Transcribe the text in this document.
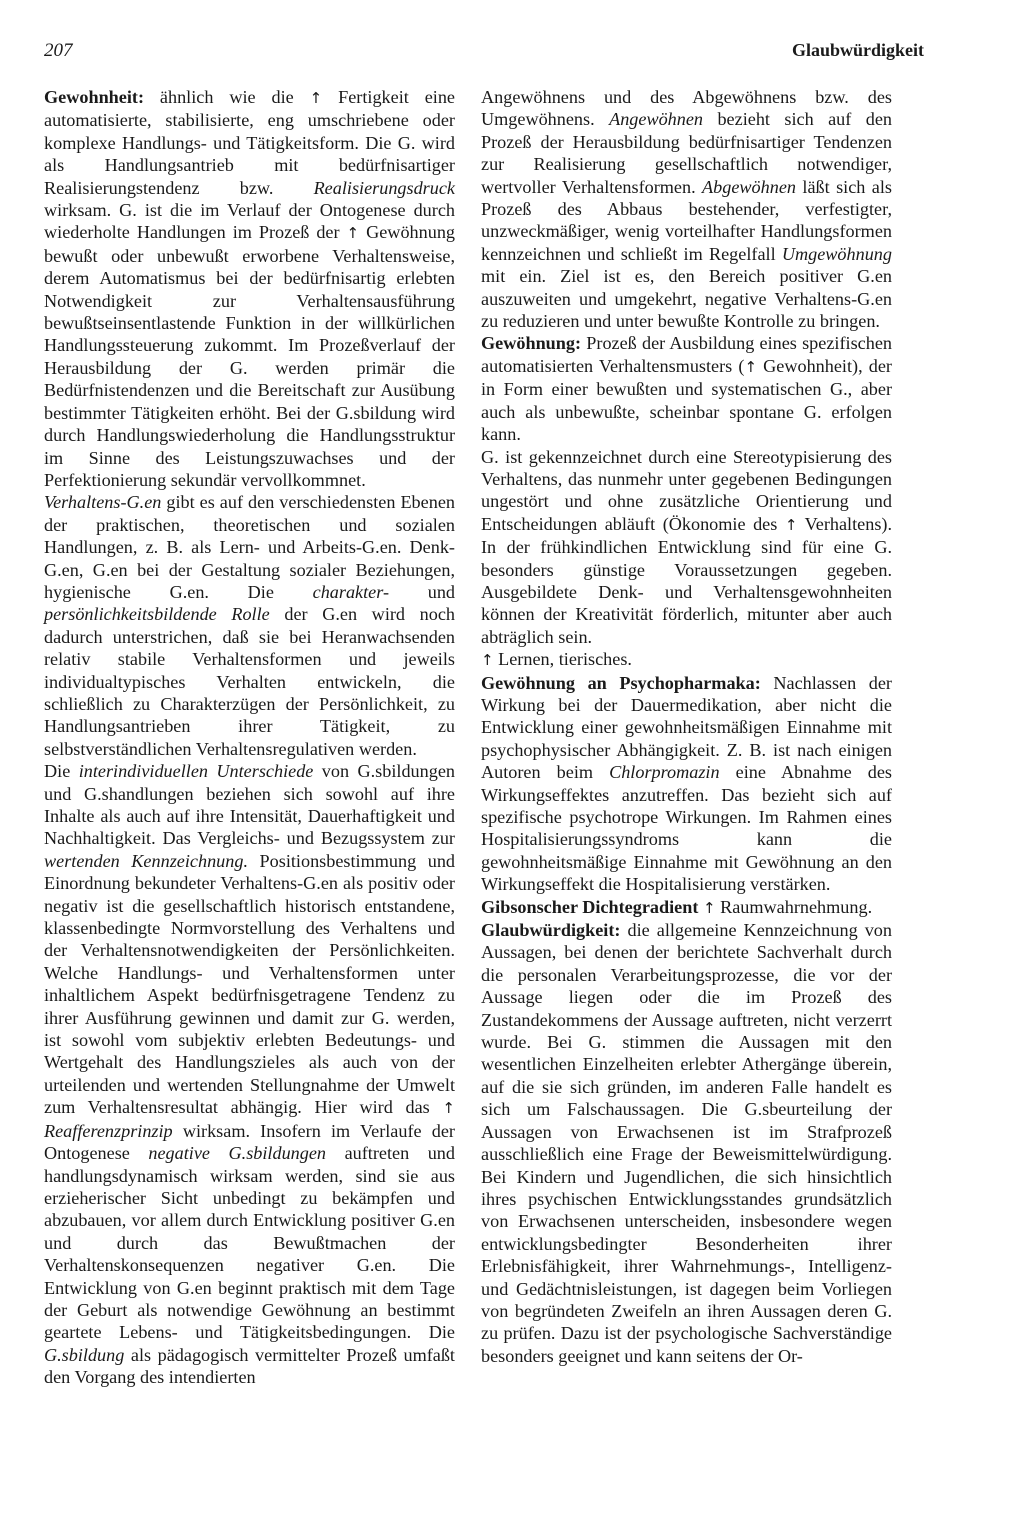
207	Glaubwürdigkeit

Gewohnheit: ähnlich wie die ↑ Fertigkeit eine automatisierte, stabilisierte, eng umschriebene oder komplexe Handlungs- und Tätigkeitsform. Die G. wird als Handlungsantrieb mit bedürfnisartiger Realisierungstendenz bzw. Realisierungsdruck wirksam. G. ist die im Verlauf der Ontogenese durch wiederholte Handlungen im Prozeß der ↑ Gewöhnung bewußt oder unbewußt erworbene Verhaltensweise, derem Automatismus bei der bedürfnisartig erlebten Notwendigkeit zur Verhaltensausführung bewußtseinsentlastende Funktion in der willkürlichen Handlungssteuerung zukommt. Im Prozeßverlauf der Herausbildung der G. werden primär die Bedürfnistendenzen und die Bereitschaft zur Ausübung bestimmter Tätigkeiten erhöht. Bei der G.sbildung wird durch Handlungswiederholung die Handlungsstruktur im Sinne des Leistungszuwachses und der Perfektionierung sekundär vervollkommnet.

Verhaltens-G.en gibt es auf den verschiedensten Ebenen der praktischen, theoretischen und sozialen Handlungen, z. B. als Lern- und Arbeits-G.en. Denk-G.en, G.en bei der Gestaltung sozialer Beziehungen, hygienische G.en. Die charakter- und persönlichkeitsbildende Rolle der G.en wird noch dadurch unterstrichen, daß sie bei Heranwachsenden relativ stabile Verhaltensformen und jeweils individualtypisches Verhalten entwickeln, die schließlich zu Charakterzügen der Persönlichkeit, zu Handlungsantrieben ihrer Tätigkeit, zu selbstverständlichen Verhaltensregulativen werden.

Die interindividuellen Unterschiede von G.sbildungen und G.shandlungen beziehen sich sowohl auf ihre Inhalte als auch auf ihre Intensität, Dauerhaftigkeit und Nachhaltigkeit. Das Vergleichs- und Bezugssystem zur wertenden Kennzeichnung. Positionsbestimmung und Einordnung bekundeter Verhaltens-G.en als positiv oder negativ ist die gesellschaftlich historisch entstandene, klassenbedingte Normvorstellung des Verhaltens und der Verhaltensnotwendigkeiten der Persönlichkeiten. Welche Handlungs- und Verhaltensformen unter inhaltlichem Aspekt bedürfnisgetragene Tendenz zu ihrer Ausführung gewinnen und damit zur G. werden, ist sowohl vom subjektiv erlebten Bedeutungs- und Wertgehalt des Handlungszieles als auch von der urteilenden und wertenden Stellungnahme der Umwelt zum Verhaltensresultat abhängig. Hier wird das ↑ Reafferenzprinzip wirksam. Insofern im Verlaufe der Ontogenese negative G.sbildungen auftreten und handlungsdynamisch wirksam werden, sind sie aus erzieherischer Sicht unbedingt zu bekämpfen und abzubauen, vor allem durch Entwicklung positiver G.en und durch das Bewußtmachen der Verhaltenskonsequenzen negativer G.en. Die Entwicklung von G.en beginnt praktisch mit dem Tage der Geburt als notwendige Gewöhnung an bestimmt geartete Lebens- und Tätigkeitsbedingungen. Die G.sbildung als pädagogisch vermittelter Prozeß umfaßt den Vorgang des intendierten

Angewöhnens und des Abgewöhnens bzw. des Umgewöhnens. Angewöhnen bezieht sich auf den Prozeß der Herausbildung bedürfnisartiger Tendenzen zur Realisierung gesellschaftlich notwendiger, wertvoller Verhaltensformen. Abgewöhnen läßt sich als Prozeß des Abbaus bestehender, verfestigter, unzweckmäßiger, wenig vorteilhafter Handlungsformen kennzeichnen und schließt im Regelfall Umgewöhnung mit ein. Ziel ist es, den Bereich positiver G.en auszuweiten und umgekehrt, negative Verhaltens-G.en zu reduzieren und unter bewußte Kontrolle zu bringen.

Gewöhnung: Prozeß der Ausbildung eines spezifischen automatisierten Verhaltensmusters (↑ Gewohnheit), der in Form einer bewußten und systematischen G., aber auch als unbewußte, scheinbar spontane G. erfolgen kann.

G. ist gekennzeichnet durch eine Stereotypisierung des Verhaltens, das nunmehr unter gegebenen Bedingungen ungestört und ohne zusätzliche Orientierung und Entscheidungen abläuft (Ökonomie des ↑ Verhaltens). In der frühkindlichen Entwicklung sind für eine G. besonders günstige Voraussetzungen gegeben. Ausgebildete Denk- und Verhaltensgewohnheiten können der Kreativität förderlich, mitunter aber auch abträglich sein.

↑ Lernen, tierisches.

Gewöhnung an Psychopharmaka: Nachlassen der Wirkung bei der Dauermedikation, aber nicht die Entwicklung einer gewohnheitsmäßigen Einnahme mit psychophysischer Abhängigkeit. Z. B. ist nach einigen Autoren beim Chlorpromazin eine Abnahme des Wirkungseffektes anzutreffen. Das bezieht sich auf spezifische psychotrope Wirkungen. Im Rahmen eines Hospitalisierungssyndroms kann die gewohnheitsmäßige Einnahme mit Gewöhnung an den Wirkungseffekt die Hospitalisierung verstärken.

Gibsonscher Dichtegradient ↑ Raumwahrnehmung.

Glaubwürdigkeit: die allgemeine Kennzeichnung von Aussagen, bei denen der berichtete Sachverhalt durch die personalen Verarbeitungsprozesse, die vor der Aussage liegen oder die im Prozeß des Zustandekommens der Aussage auftreten, nicht verzerrt wurde. Bei G. stimmen die Aussagen mit den wesentlichen Einzelheiten erlebter Athergänge überein, auf die sie sich gründen, im anderen Falle handelt es sich um Falschaussagen. Die G.sbeurteilung der Aussagen von Erwachsenen ist im Strafprozeß ausschließlich eine Frage der Beweismittelwürdigung. Bei Kindern und Jugendlichen, die sich hinsichtlich ihres psychischen Entwicklungsstandes grundsätzlich von Erwachsenen unterscheiden, insbesondere wegen entwicklungsbedingter Besonderheiten ihrer Erlebnisfähigkeit, ihrer Wahrnehmungs-, Intelligenz- und Gedächtnisleistungen, ist dagegen beim Vorliegen von begründeten Zweifeln an ihren Aussagen deren G. zu prüfen. Dazu ist der psychologische Sachverständige besonders geeignet und kann seitens der Or-
